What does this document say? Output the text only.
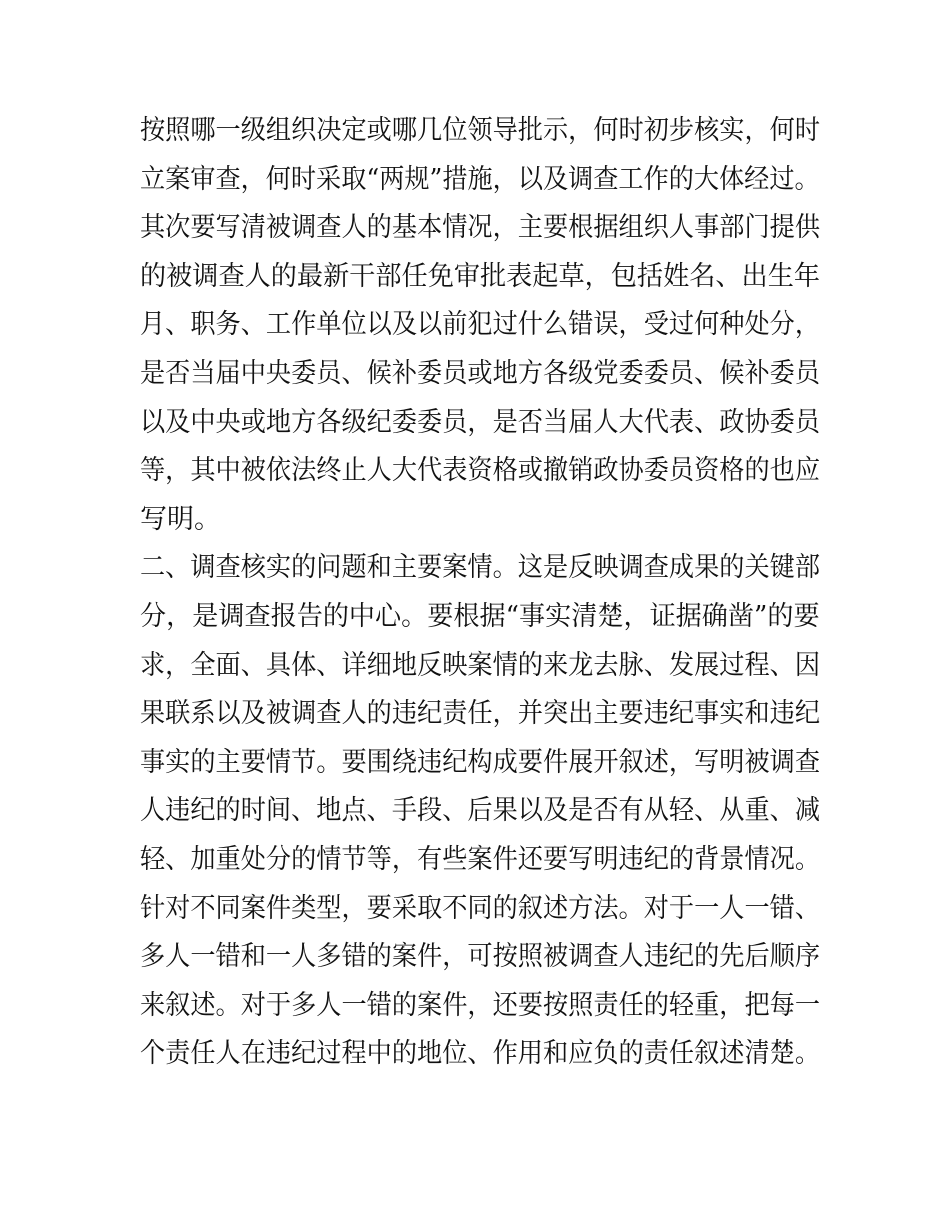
按照哪一级组织决定或哪几位领导批示，何时初步核实，何时
立案审查，何时采取“两规”措施，以及调查工作的大体经过。
其次要写清被调查人的基本情况，主要根据组织人事部门提供
的被调查人的最新干部任免审批表起草，包括姓名、出生年
月、职务、工作单位以及以前犯过什么错误，受过何种处分，
是否当届中央委员、候补委员或地方各级党委委员、候补委员
以及中央或地方各级纪委委员，是否当届人大代表、政协委员
等，其中被依法终止人大代表资格或撤销政协委员资格的也应
写明。
二、调查核实的问题和主要案情。这是反映调查成果的关键部
分，是调查报告的中心。要根据“事实清楚，证据确凿”的要
求，全面、具体、详细地反映案情的来龙去脉、发展过程、因
果联系以及被调查人的违纪责任，并突出主要违纪事实和违纪
事实的主要情节。要围绕违纪构成要件展开叙述，写明被调查
人违纪的时间、地点、手段、后果以及是否有从轻、从重、减
轻、加重处分的情节等，有些案件还要写明违纪的背景情况。
针对不同案件类型，要采取不同的叙述方法。对于一人一错、
多人一错和一人多错的案件，可按照被调查人违纪的先后顺序
来叙述。对于多人一错的案件，还要按照责任的轻重，把每一
个责任人在违纪过程中的地位、作用和应负的责任叙述清楚。
